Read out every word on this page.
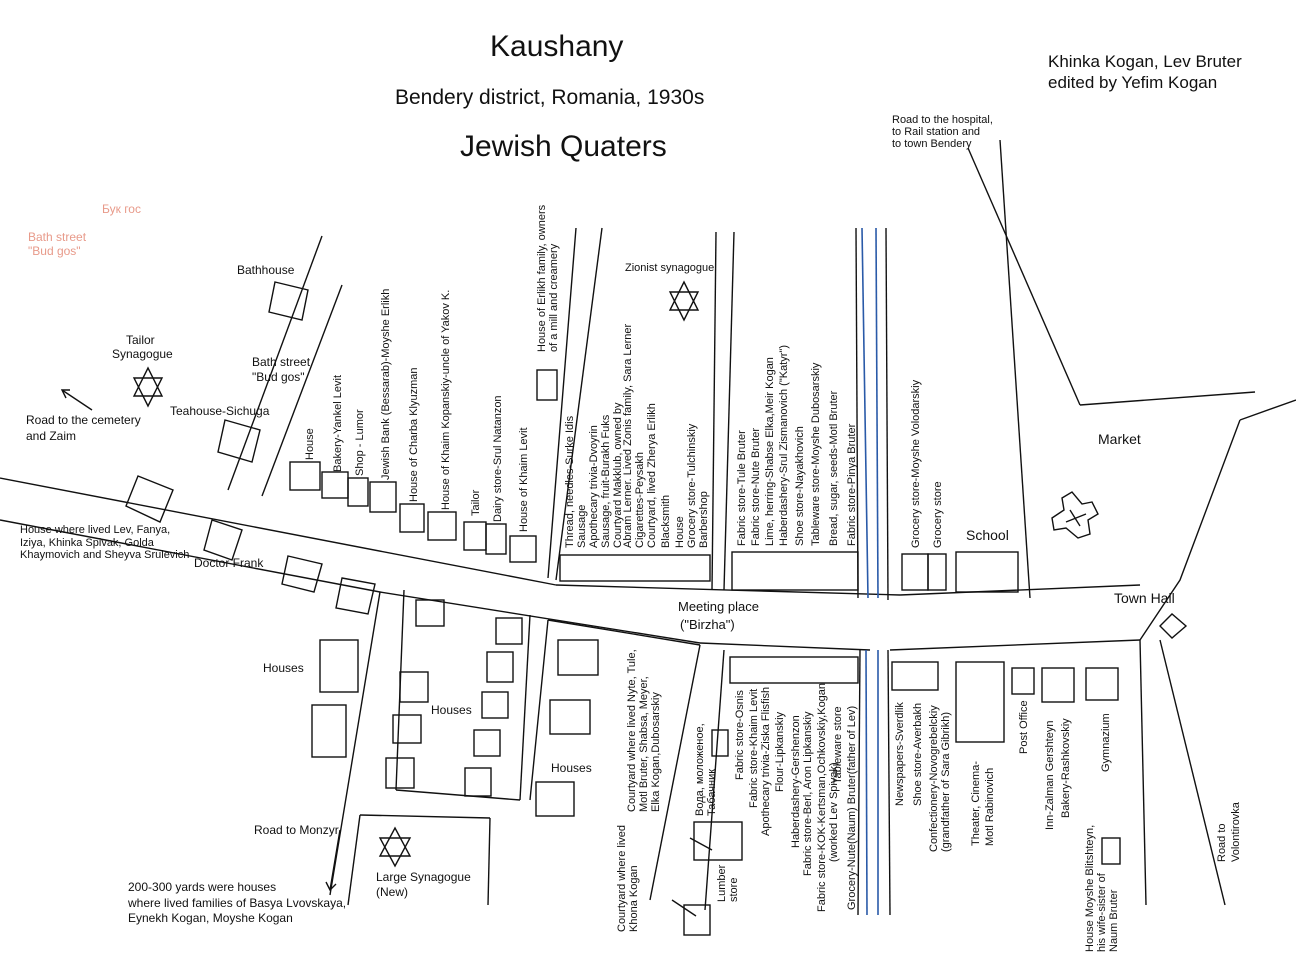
Kaushany
Bendery district, Romania, 1930s
Jewish Quaters
Khinka Kogan, Lev Bruter
edited by Yefim Kogan
Бук гос
Bath street
"Bud gos"
Road to the hospital,
to Rail station and
to town Bendery
Bathhouse
Tailor
Synagogue
Bath street
"Bud gos"
Road to the cemetery
and Zaim
Teahouse-Sichuga
House where lived Lev, Fanya,
Iziya, Khinka Spivak, Golda
Khaymovich and Sheyva Srulevich
Doctor Frank
Houses
Houses
Houses
Road to Monzyr
Large Synagogue
(New)
200-300 yards were houses
where lived families of Basya Lvovskaya,
Eynekh Kogan, Moyshe Kogan
Zionist synagogue
Meeting place
("Birzha")
Market
School
Town Hall
Road to Volontirovka
House Bakery-Yankel Levit Shop - Lumor Jewish Bank (Bessarab)-Moyshe Erlikh House of Charba Klyuzman House of Khaim Kopanskiy-uncle of Yakov K. Tailor Dairy store-Srul Natanzon House of Khaim Levit
House of Erlikh family, owners of a mill and creamery
Thread, needles-Surke Idis Sausage Apothecary trivia-Dvoyrin Sausage, fruit-Burakh Fuks Courtyard Makklub, owned by
Abram Lerner. Lived Zonis family, Sara Lerner Cigarettes-Peysakh Courtyard, lived Zherya Erlikh Blacksmith House Grocery store-Tulchinskiy Barbershop Fabric store-Tule Bruter Fabric store-Nute Bruter Lime, herring-Shabse Elka,Meir Kogan Haberdashery-Srul Zismanovich ("Katyr") Shoe store-Nayakhovich Tableware store-Moyshe Dubosarskiy Bread, sugar, seeds-Motl Bruter Fabric store-Pinya Bruter	Grocery store-Moyshe Volodarskiy Grocery store
Courtyard where lived Nyte, Tule, Motl Bruter, Shabsa, Meyer, Elka Kogan,Dubosarskiy
Courtyard where lived Khona Kogan
Вода, моложеное, Табачник
Lumber store
Fabric store-Osnis Fabric store-Khaim Levit Apothecary trivia-Ziska Flisfish Flour-Lipkanskiy Haberdashery-Gershenzon Fabric store-Berl, Aron Lipkanskiy Fabric store-KOK-Kertsman,Ochkovskiy,Kogan (worked Lev Spivak)
Tableware store Grocery-Nute(Naum) Bruter(father of Lev)	Newspapers-Sverdlik Shoe store-Averbakh Confectionery-Novogrebelckiy (grandfather of Sara Gibrikh) Theater, Cinema- Motl Rabinovich
Post Office Inn-Zalman Gershteyn Bakery-Rashkovskiy	Gymnazium
House Moyshe Blitshteyn, his wife-sister of Naum Bruter
